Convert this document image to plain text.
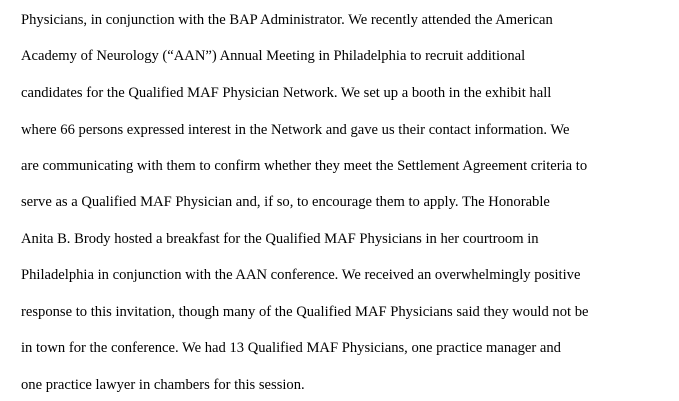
Physicians, in conjunction with the BAP Administrator. We recently attended the American

Academy of Neurology (“AAN”) Annual Meeting in Philadelphia to recruit additional

candidates for the Qualified MAF Physician Network. We set up a booth in the exhibit hall

where 66 persons expressed interest in the Network and gave us their contact information. We

are communicating with them to confirm whether they meet the Settlement Agreement criteria to

serve as a Qualified MAF Physician and, if so, to encourage them to apply. The Honorable

Anita B. Brody hosted a breakfast for the Qualified MAF Physicians in her courtroom in

Philadelphia in conjunction with the AAN conference. We received an overwhelmingly positive

response to this invitation, though many of the Qualified MAF Physicians said they would not be

in town for the conference. We had 13 Qualified MAF Physicians, one practice manager and

one practice lawyer in chambers for this session.
